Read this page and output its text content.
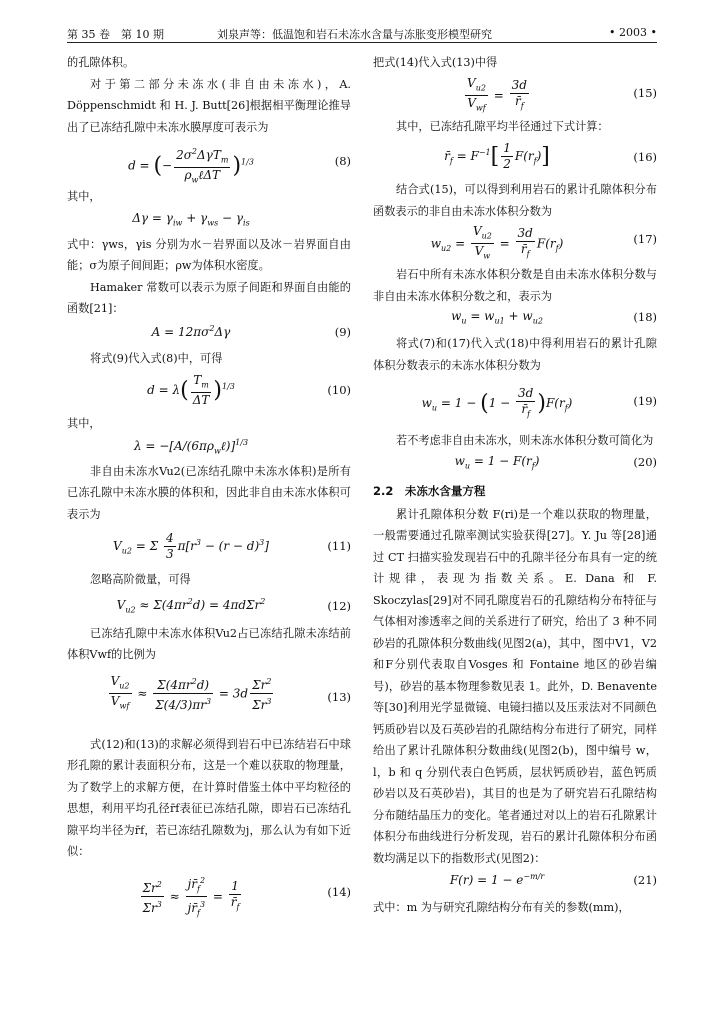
第 35 卷　第 10 期	刘泉声等：低温饱和岩石未冻水含量与冻胀变形模型研究	• 2003 •

的孔隙体积。

对于第二部分未冻水(非自由未冻水)，A. Döppenschmidt 和 H. J. Butt[26]根据相平衡理论推导出了已冻结孔隙中未冻水膜厚度可表示为

d = (− $\frac{2\sigma^2\Delta\gamma T_m}{\rho_w\ell\Delta T} )^{1/3}$	(8)

其中，

$\Delta\gamma = \gamma_{iw} + \gamma_{ws} - \gamma_{is}$

式中：γws，γis 分别为水－岩界面以及冰－岩界面自由能；σ为原子间间距；ρw为体积水密度。

Hamaker 常数可以表示为原子间距和界面自由能的函数[21]：

$A = 12\pi\sigma^2\Delta\gamma$	(9)

将式(9)代入式(8)中，可得

$d = \lambda( \frac{T_m}{\Delta T} )^{1/3}$	(10)

其中，

$\lambda = -[A/(6\pi\rho_w\ell)]^{1/3}$

非自由未冻水Vu2(已冻结孔隙中未冻水体积)是所有已冻孔隙中未冻水膜的体积和，因此非自由未冻水体积可表示为

$V_{u2} = \Sigma \frac{4}{3} \pi[r^3 - (r - d)^3]$	(11)

忽略高阶微量，可得

$V_{u2} \approx \Sigma(4\pi r^2d) = 4\pi d\Sigma r^2$	(12)

已冻结孔隙中未冻水体积Vu2占已冻结孔隙未冻结前体积Vwf的比例为

$\frac{V_{u2}}{V_{wf}} \approx \frac{\Sigma(4\pi r^2d)}{\Sigma(4/3)\pi r^3} = 3d \frac{\Sigma r^2}{\Sigma r^3}$	(13)

式(12)和(13)的求解必须得到岩石中已冻结岩石中球形孔隙的累计表面积分布，这是一个难以获取的物理量，为了数学上的求解方便，在计算时借鉴土体中平均粒径的思想，利用平均孔径r̄f表征已冻结孔隙，即岩石已冻结孔隙平均半径为r̄f，若已冻结孔隙数为j，那么认为有如下近似：

$\frac{\Sigma r^2}{\Sigma r^3} \approx \frac{jr̄_f^2}{jr̄_f^3} = \frac{1}{r̄_f}$	(14)

把式(14)代入式(13)中得

$\frac{V_{u2}}{V_{wf}} = \frac{3d}{r̄_f}$	(15)

其中，已冻结孔隙平均半径通过下式计算：

$r̄_f = F^{-1}[ \frac{1}{2} F(r_f)]$	(16)

结合式(15)，可以得到利用岩石的累计孔隙体积分布函数表示的非自由未冻水体积分数为

$w_{u2} = \frac{V_{u2}}{V_w} = \frac{3d}{r̄_f} F(r_f)$	(17)

岩石中所有未冻水体积分数是自由未冻水体积分数与非自由未冻水体积分数之和，表示为

$w_u = w_{u1} + w_{u2}$	(18)

将式(7)和(17)代入式(18)中得利用岩石的累计孔隙体积分数表示的未冻水体积分数为

$w_u = 1 - (1 - \frac{3d}{r̄_f} )F(r_f)$	(19)

若不考虑非自由未冻水，则未冻水体积分数可简化为

$w_u = 1 - F(r_f)$	(20)
2.2　未冻水含量方程

累计孔隙体积分数 F(ri)是一个难以获取的物理量，一般需要通过孔隙率测试实验获得[27]。Y. Ju 等[28]通过 CT 扫描实验发现岩石中的孔隙半径分布具有一定的统计规律，表现为指数关系。E. Dana 和 F. Skoczylas[29]对不同孔隙度岩石的孔隙结构分布特征与气体相对渗透率之间的关系进行了研究，给出了 3 种不同砂岩的孔隙体积分数曲线(见图2(a)，其中，图中V1，V2和F分别代表取自Vosges 和 Fontaine 地区的砂岩编号)，砂岩的基本物理参数见表 1。此外，D. Benavente 等[30]利用光学显微镜、电镜扫描以及压汞法对不同颜色钙质砂岩以及石英砂岩的孔隙结构分布进行了研究，同样给出了累计孔隙体积分数曲线(见图2(b)，图中编号 w，l，b 和 q 分别代表白色钙质，层状钙质砂岩，蓝色钙质砂岩以及石英砂岩)，其目的也是为了研究岩石孔隙结构分布随结晶压力的变化。笔者通过对以上的岩石孔隙累计体积分布曲线进行分析发现，岩石的累计孔隙体积分布函数均满足以下的指数形式(见图2)：

$F(r) = 1 - e^{-m/r}$	(21)

式中：m 为与研究孔隙结构分布有关的参数(mm)，
